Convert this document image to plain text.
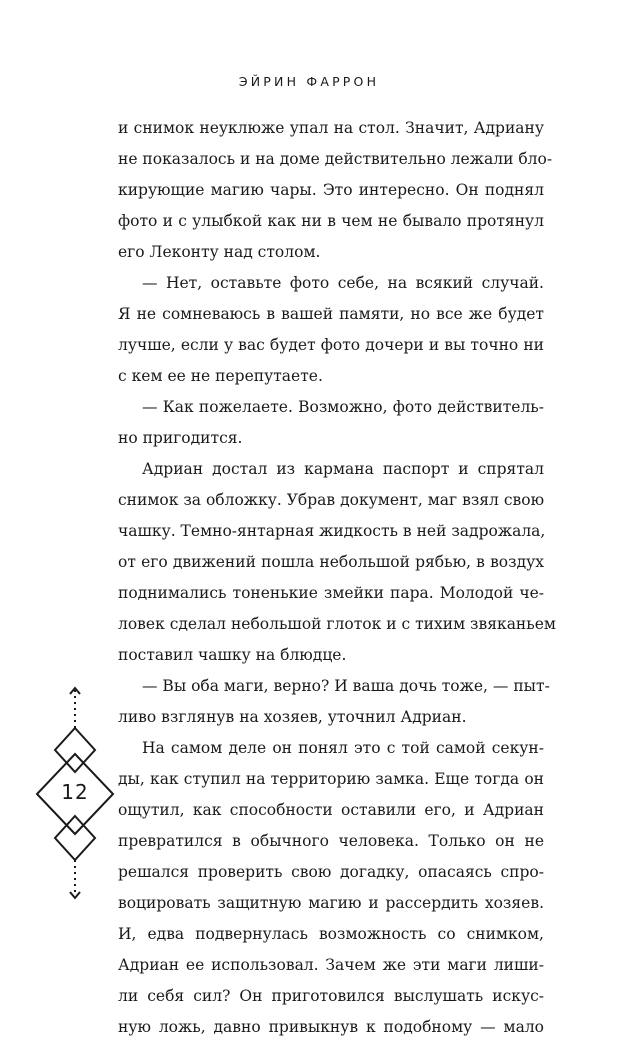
ЭЙРИН ФАРРОН

и снимок неуклюже упал на стол. Значит, Адриану
не показалось и на доме действительно лежали бло-
кирующие магию чары. Это интересно. Он поднял
фото и с улыбкой как ни в чем не бывало протянул
его Леконту над столом.

— Нет, оставьте фото себе, на всякий случай.
Я не сомневаюсь в вашей памяти, но все же будет
лучше, если у вас будет фото дочери и вы точно ни
с кем ее не перепутаете.

— Как пожелаете. Возможно, фото действитель-
но пригодится.

Адриан достал из кармана паспорт и спрятал
снимок за обложку. Убрав документ, маг взял свою
чашку. Темно-янтарная жидкость в ней задрожала,
от его движений пошла небольшой рябью, в воздух
поднимались тоненькие змейки пара. Молодой че-
ловек сделал небольшой глоток и с тихим звяканьем
поставил чашку на блюдце.

— Вы оба маги, верно? И ваша дочь тоже, — пыт-
ливо взглянув на хозяев, уточнил Адриан.

На самом деле он понял это с той самой секун-
ды, как ступил на территорию замка. Еще тогда он
ощутил, как способности оставили его, и Адриан
превратился в обычного человека. Только он не
решался проверить свою догадку, опасаясь спро-
воцировать защитную магию и рассердить хозяев.
И, едва подвернулась возможность со снимком,
Адриан ее использовал. Зачем же эти маги лиши-
ли себя сил? Он приготовился выслушать искус-
ную ложь, давно привыкнув к подобному — мало

12
